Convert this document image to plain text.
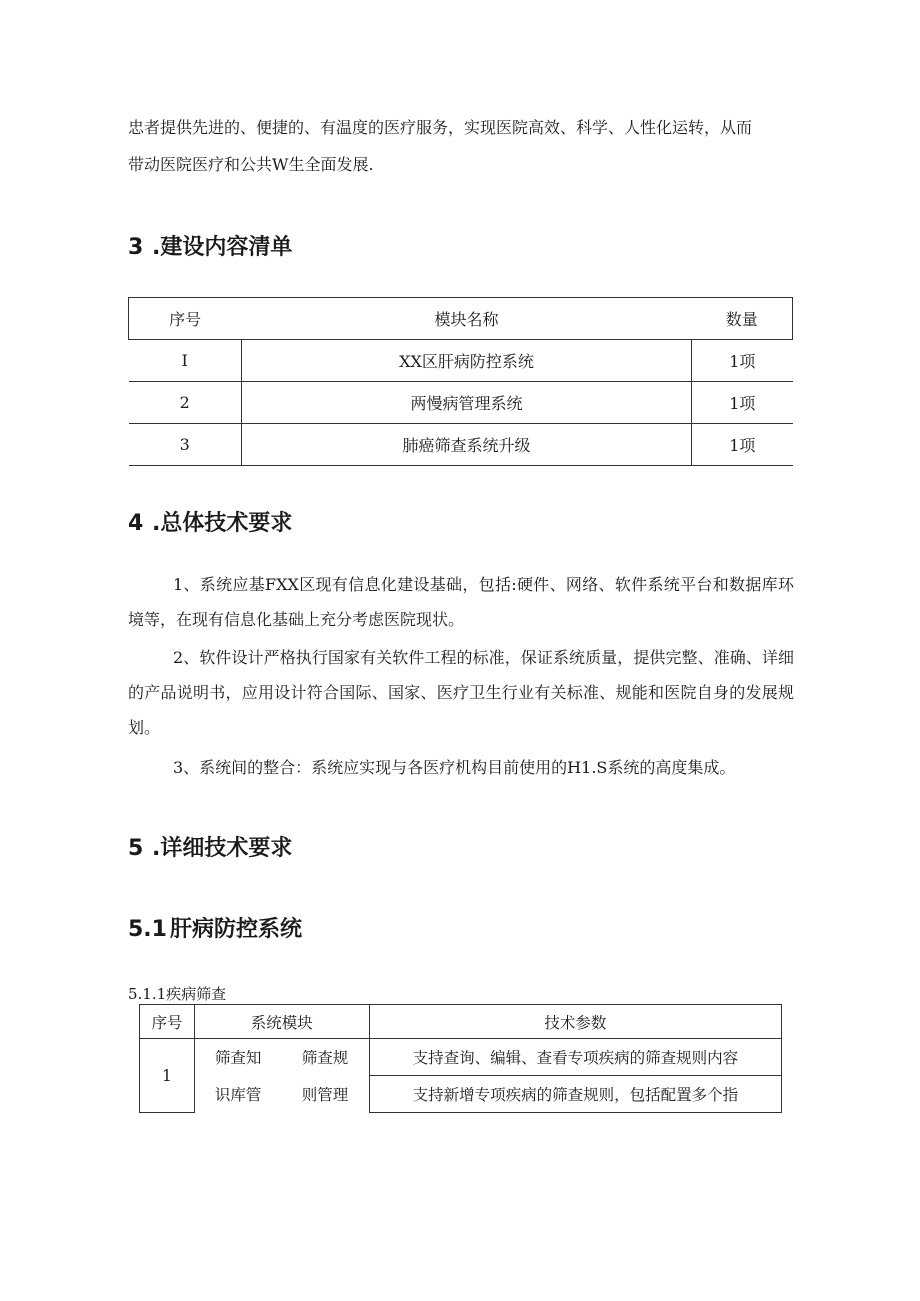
忠者提供先进的、便捷的、有温度的医疗服务，实现医院高效、科学、人性化运转，从而

带动医院医疗和公共W生全面发展.

3 .建设内容清单
序号	模块名称	数量
I	XX区肝病防控系统	1项
2	两慢病管理系统	1项
3	肺癌筛查系统升级	1项
4 .总体技术要求

1、系统应基FXX区现有信息化建设基础，包括:硬件、网络、软件系统平台和数据库环境等，在现有信息化基础上充分考虑医院现状。

2、软件设计严格执行国家有关软件工程的标准，保证系统质量，提供完整、准确、详细的产品说明书，应用设计符合国际、国家、医疗卫生行业有关标准、规能和医院自身的发展规划。

3、系统间的整合：系统应实现与各医疗机构目前使用的H1.S系统的高度集成。

5 .详细技术要求
5.1 肝病防控系统
5.1.1疾病筛查
序号	系统模块		技术参数
1	筛查知	筛查规	支持查询、编辑、查看专项疾病的筛查规则内容
	识库管	则管理	支持新增专项疾病的筛查规则，包括配置多个指
